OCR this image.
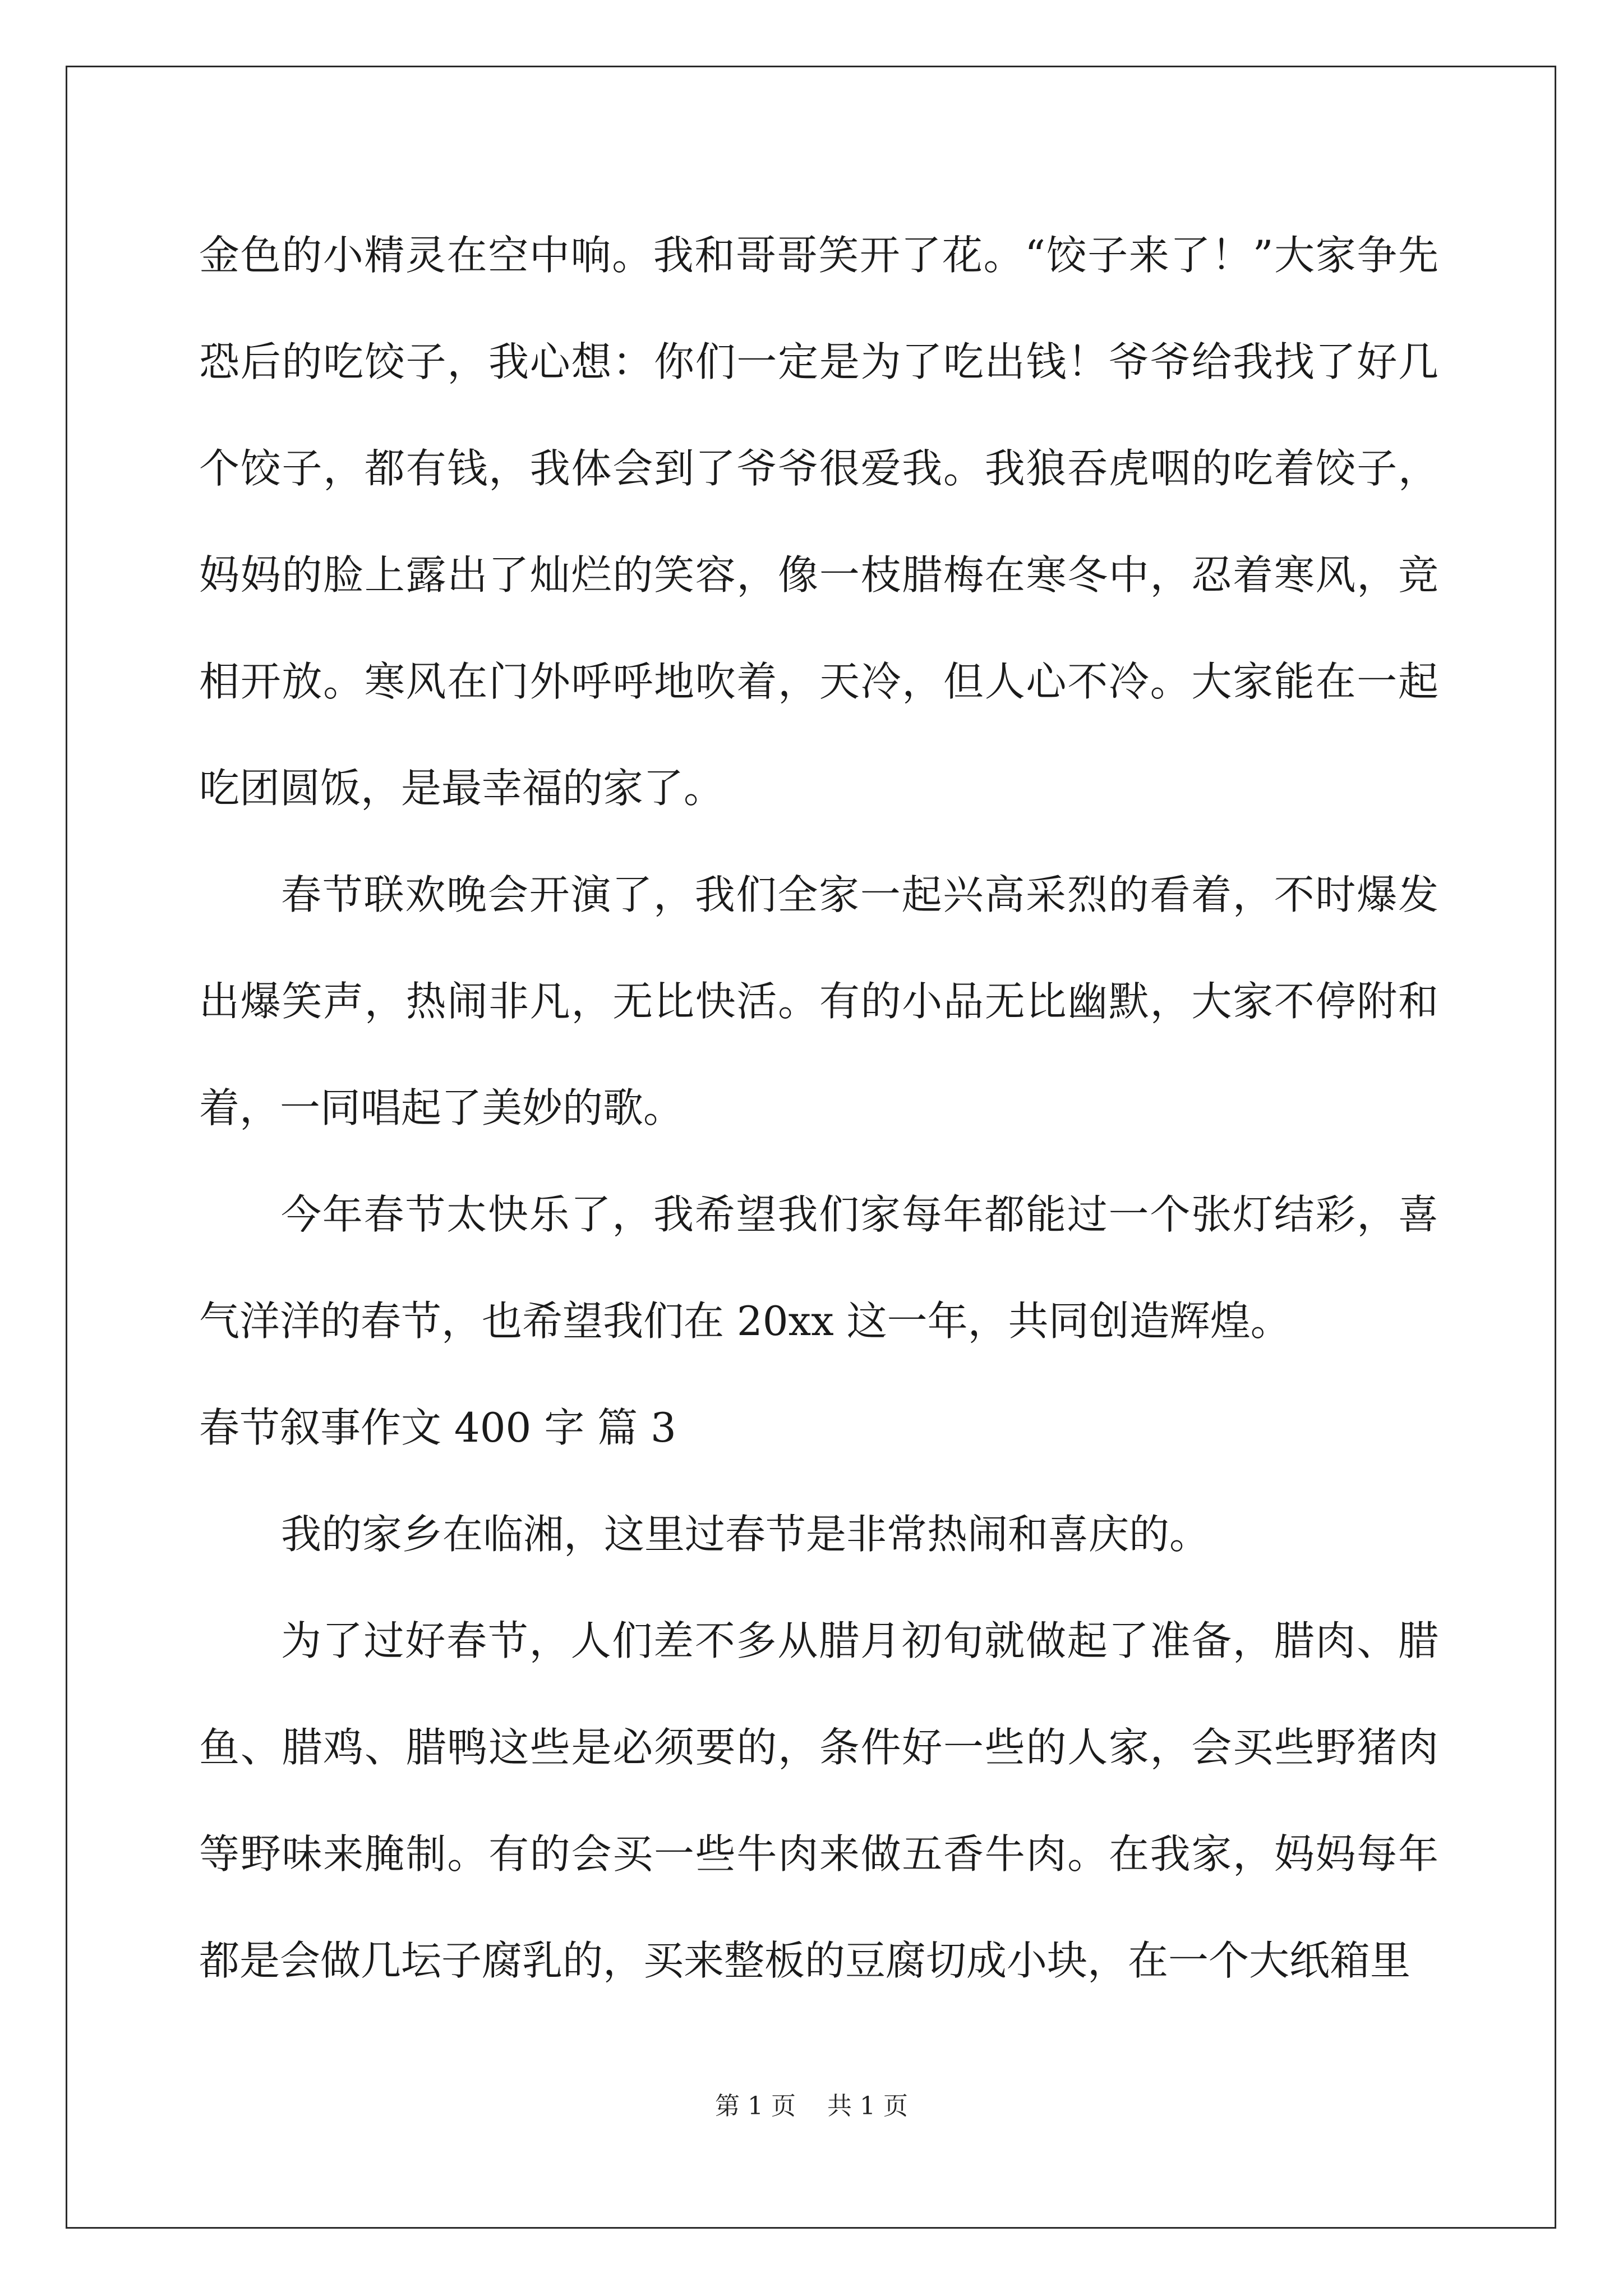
金色的小精灵在空中响。我和哥哥笑开了花。“饺子来了！”大家争先恐后的吃饺子，我心想：你们一定是为了吃出钱！爷爷给我找了好几个饺子，都有钱，我体会到了爷爷很爱我。我狼吞虎咽的吃着饺子，妈妈的脸上露出了灿烂的笑容，像一枝腊梅在寒冬中，忍着寒风，竞相开放。寒风在门外呼呼地吹着，天冷，但人心不冷。大家能在一起吃团圆饭，是最幸福的家了。

春节联欢晚会开演了，我们全家一起兴高采烈的看着，不时爆发出爆笑声，热闹非凡，无比快活。有的小品无比幽默，大家不停附和着，一同唱起了美妙的歌。

今年春节太快乐了，我希望我们家每年都能过一个张灯结彩，喜气洋洋的春节，也希望我们在 20xx 这一年，共同创造辉煌。

春节叙事作文 400 字 篇 3

我的家乡在临湘，这里过春节是非常热闹和喜庆的。

为了过好春节，人们差不多从腊月初旬就做起了准备，腊肉、腊鱼、腊鸡、腊鸭这些是必须要的，条件好一些的人家，会买些野猪肉等野味来腌制。有的会买一些牛肉来做五香牛肉。在我家，妈妈每年都是会做几坛子腐乳的，买来整板的豆腐切成小块，在一个大纸箱里

第 1 页 共 1 页
